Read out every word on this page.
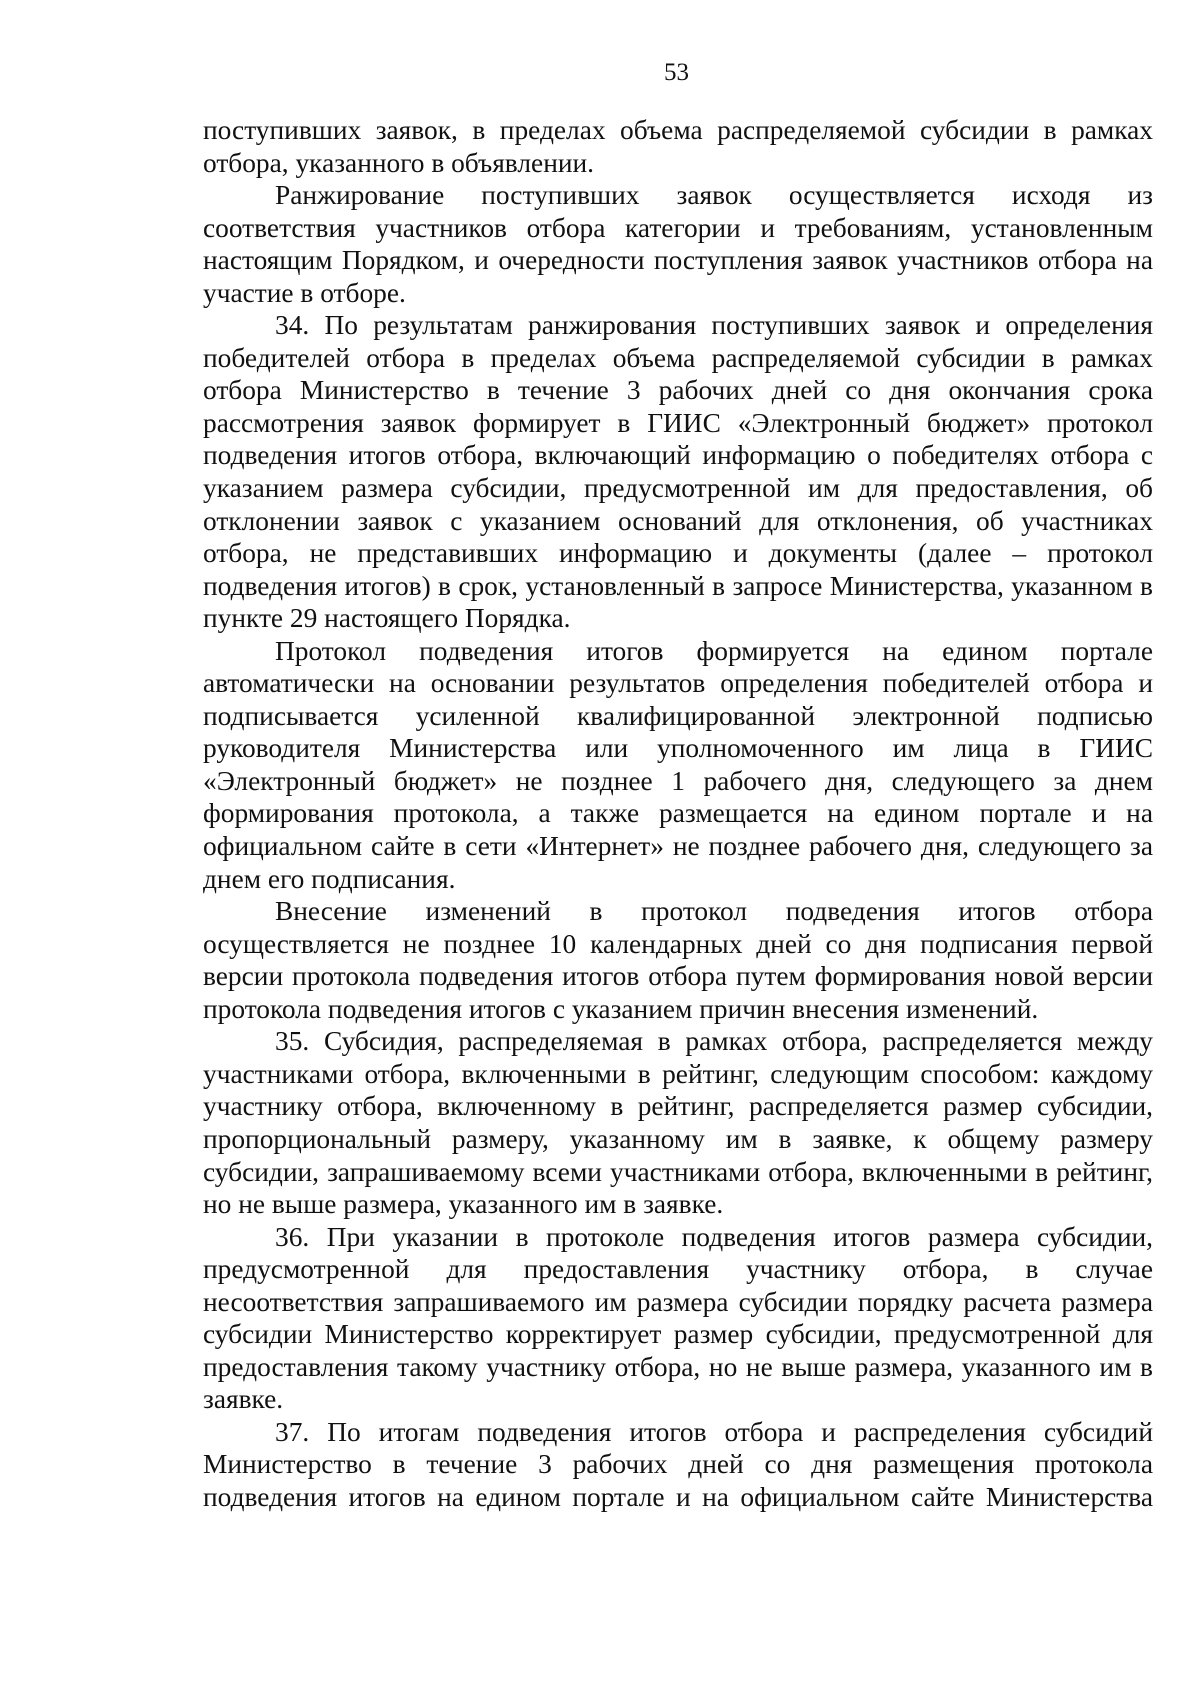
53

поступивших заявок, в пределах объема распределяемой субсидии в рамках отбора, указанного в объявлении.

Ранжирование поступивших заявок осуществляется исходя из соответствия участников отбора категории и требованиям, установленным настоящим Порядком, и очередности поступления заявок участников отбора на участие в отборе.

34. По результатам ранжирования поступивших заявок и определения победителей отбора в пределах объема распределяемой субсидии в рамках отбора Министерство в течение 3 рабочих дней со дня окончания срока рассмотрения заявок формирует в ГИИС «Электронный бюджет» протокол подведения итогов отбора, включающий информацию о победителях отбора с указанием размера субсидии, предусмотренной им для предоставления, об отклонении заявок с указанием оснований для отклонения, об участниках отбора, не представивших информацию и документы (далее – протокол подведения итогов) в срок, установленный в запросе Министерства, указанном в пункте 29 настоящего Порядка.

Протокол подведения итогов формируется на едином портале автоматически на основании результатов определения победителей отбора и подписывается усиленной квалифицированной электронной подписью руководителя Министерства или уполномоченного им лица в ГИИС «Электронный бюджет» не позднее 1 рабочего дня, следующего за днем формирования протокола, а также размещается на едином портале и на официальном сайте в сети «Интернет» не позднее рабочего дня, следующего за днем его подписания.

Внесение изменений в протокол подведения итогов отбора осуществляется не позднее 10 календарных дней со дня подписания первой версии протокола подведения итогов отбора путем формирования новой версии протокола подведения итогов с указанием причин внесения изменений.

35. Субсидия, распределяемая в рамках отбора, распределяется между участниками отбора, включенными в рейтинг, следующим способом: каждому участнику отбора, включенному в рейтинг, распределяется размер субсидии, пропорциональный размеру, указанному им в заявке, к общему размеру субсидии, запрашиваемому всеми участниками отбора, включенными в рейтинг, но не выше размера, указанного им в заявке.

36. При указании в протоколе подведения итогов размера субсидии, предусмотренной для предоставления участнику отбора, в случае несоответствия запрашиваемого им размера субсидии порядку расчета размера субсидии Министерство корректирует размер субсидии, предусмотренной для предоставления такому участнику отбора, но не выше размера, указанного им в заявке.

37. По итогам подведения итогов отбора и распределения субсидий Министерство в течение 3 рабочих дней со дня размещения протокола подведения итогов на едином портале и на официальном сайте Министерства
